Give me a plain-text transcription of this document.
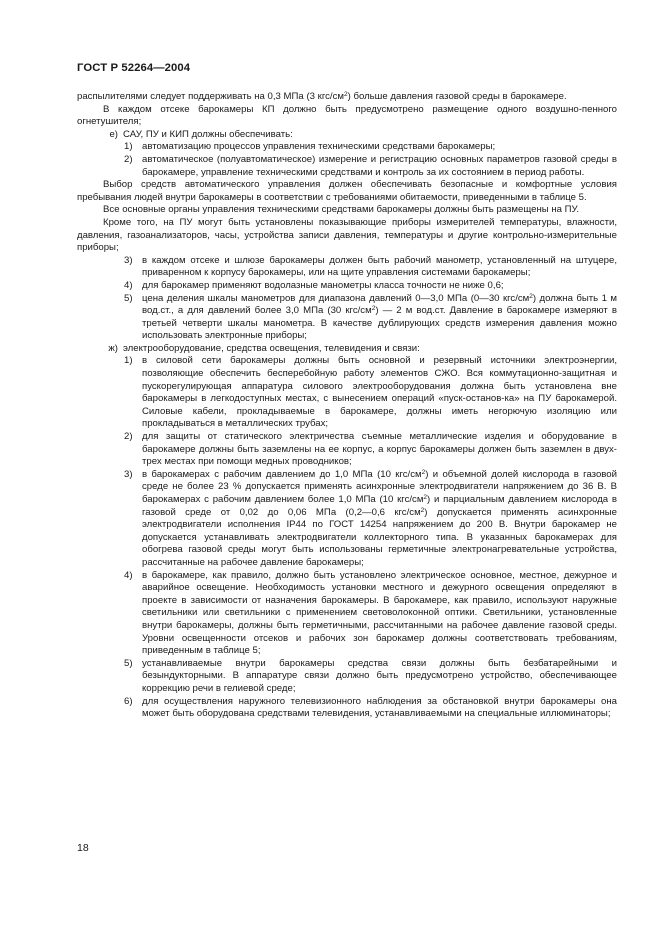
ГОСТ Р 52264—2004

распылителями следует поддерживать на 0,3 МПа (3 кгс/$см^2$) больше давления газовой среды в барокамере.

В каждом отсеке барокамеры КП должно быть предусмотрено размещение одного воздушно-пенного огнетушителя;

е) САУ, ПУ и КИП должны обеспечивать:
1) автоматизацию процессов управления техническими средствами барокамеры;
2) автоматическое (полуавтоматическое) измерение и регистрацию основных параметров газовой среды в барокамере, управление техническими средствами и контроль за их состоянием в период работы.

Выбор средств автоматического управления должен обеспечивать безопасные и комфортные условия пребывания людей внутри барокамеры в соответствии с требованиями обитаемости, приведенными в таблице 5.

Все основные органы управления техническими средствами барокамеры должны быть размещены на ПУ.

Кроме того, на ПУ могут быть установлены показывающие приборы измерителей температуры, влажности, давления, газоанализаторов, часы, устройства записи давления, температуры и другие контрольно-измерительные приборы;

3) в каждом отсеке и шлюзе барокамеры должен быть рабочий манометр, установленный на штуцере, приваренном к корпусу барокамеры, или на щите управления системами барокамеры;
4) для барокамер применяют водолазные манометры класса точности не ниже 0,6;
5) цена деления шкалы манометров для диапазона давлений 0—3,0 МПа (0—30 кгс/$см^2$) должна быть 1 м вод.ст., а для давлений более 3,0 МПа (30 кгс/$см^2$) — 2 м вод.ст. Давление в барокамере измеряют в третьей четверти шкалы манометра. В качестве дублирующих средств измерения давления можно использовать электронные приборы;
ж) электрооборудование, средства освещения, телевидения и связи:
1) в силовой сети барокамеры должны быть основной и резервный источники электроэнергии, позволяющие обеспечить бесперебойную работу элементов СЖО. Вся коммутационно-защитная и пускорегулирующая аппаратура силового электрооборудования должна быть установлена вне барокамеры в легкодоступных местах, с вынесением операций «пуск-останов-ка» на ПУ барокамерой. Силовые кабели, прокладываемые в барокамере, должны иметь негорючую изоляцию или прокладываться в металлических трубах;
2) для защиты от статического электричества съемные металлические изделия и оборудование в барокамере должны быть заземлены на ее корпус, а корпус барокамеры должен быть заземлен в двух-трех местах при помощи медных проводников;
3) в барокамерах с рабочим давлением до 1,0 МПа (10 кгс/$см^2$) и объемной долей кислорода в газовой среде не более 23 % допускается применять асинхронные электродвигатели напряжением до 36 В. В барокамерах с рабочим давлением более 1,0 МПа (10 кгс/$см^2$) и парциальным давлением кислорода в газовой среде от 0,02 до 0,06 МПа (0,2—0,6 кгс/$см^2$) допускается применять асинхронные электродвигатели исполнения IP44 по ГОСТ 14254 напряжением до 200 В. Внутри барокамер не допускается устанавливать электродвигатели коллекторного типа. В указанных барокамерах для обогрева газовой среды могут быть использованы герметичные электронагревательные устройства, рассчитанные на рабочее давление барокамеры;
4) в барокамере, как правило, должно быть установлено электрическое основное, местное, дежурное и аварийное освещение. Необходимость установки местного и дежурного освещения определяют в проекте в зависимости от назначения барокамеры. В барокамере, как правило, используют наружные светильники или светильники с применением световолоконной оптики. Светильники, установленные внутри барокамеры, должны быть герметичными, рассчитанными на рабочее давление газовой среды. Уровни освещенности отсеков и рабочих зон барокамер должны соответствовать требованиям, приведенным в таблице 5;
5) устанавливаемые внутри барокамеры средства связи должны быть безбатарейными и безындукторными. В аппаратуре связи должно быть предусмотрено устройство, обеспечивающее коррекцию речи в гелиевой среде;
6) для осуществления наружного телевизионного наблюдения за обстановкой внутри барокамеры она может быть оборудована средствами телевидения, устанавливаемыми на специальные иллюминаторы;
18
